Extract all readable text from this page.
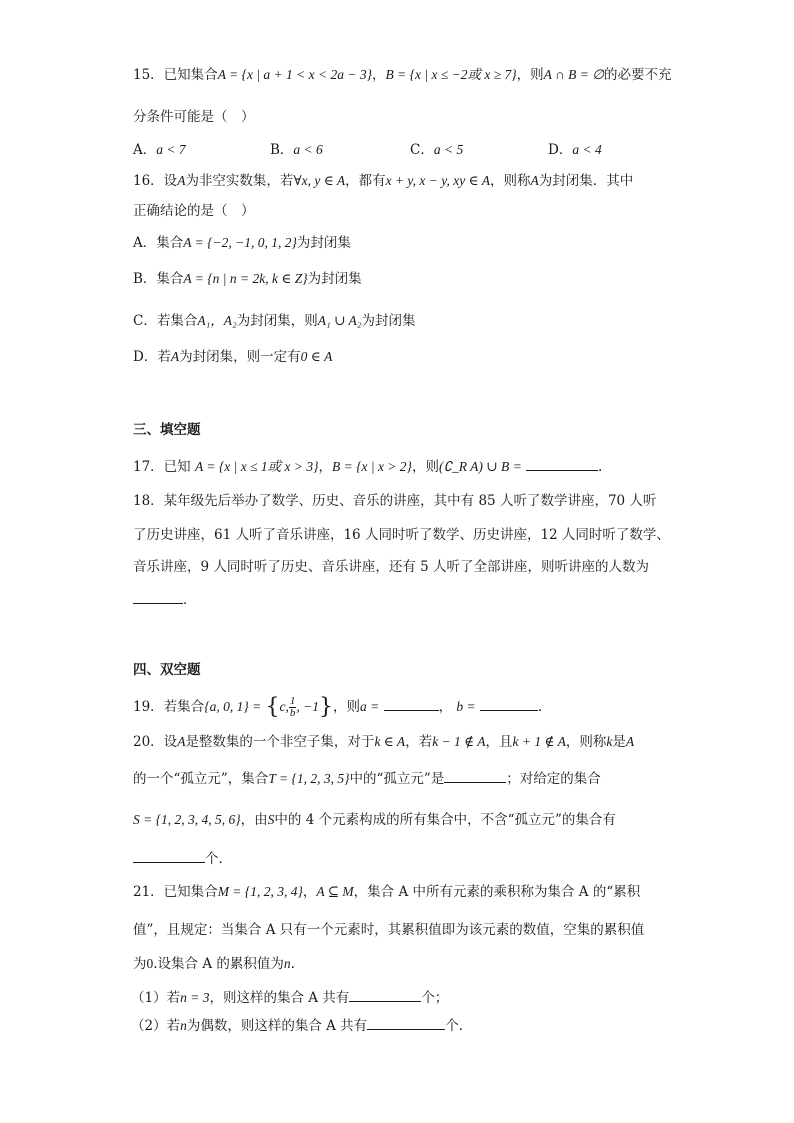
15．已知集合A = {x | a + 1 < x < 2a − 3}，B = {x | x ≤ −2或 x ≥ 7}，则A ∩ B = ∅的必要不充
分条件可能是（　）
A．a < 7	B．a < 6	C．a < 5	D．a < 4
16．设A为非空实数集，若∀x, y ∈ A，都有x + y, x − y, xy ∈ A，则称A为封闭集．其中
正确结论的是（　）
A．集合A = {−2, −1, 0, 1, 2}为封闭集
B．集合A = {n | n = 2k, k ∈ Z}为封闭集
C．若集合A₁，A₂为封闭集，则A₁ ∪ A₂为封闭集
D．若A为封闭集，则一定有0 ∈ A
三、填空题
17．已知 A = {x | x ≤ 1或 x > 3}，B = {x | x > 2}，则(∁_R A) ∪ B =	.
18．某年级先后举办了数学、历史、音乐的讲座，其中有 85 人听了数学讲座，70 人听
了历史讲座，61 人听了音乐讲座，16 人同时听了数学、历史讲座，12 人同时听了数学、
音乐讲座，9 人同时听了历史、音乐讲座，还有 5 人听了全部讲座，则听讲座的人数为
．
四、双空题
19．若集合{a, 0, 1} = {c, $\frac{1}{b}$ , −1}，则a =	， b =	.
20．设A是整数集的一个非空子集，对于k ∈ A，若k − 1 ∉ A，且k + 1 ∉ A，则称k是A
的一个“孤立元”，集合T = {1, 2, 3, 5}中的“孤立元”是	；对给定的集合
S = {1, 2, 3, 4, 5, 6}，由S中的 4 个元素构成的所有集合中，不含“孤立元”的集合有
个．
21．已知集合M = {1, 2, 3, 4}，A ⊆ M，集合 A 中所有元素的乘积称为集合 A 的“累积
值”，且规定：当集合 A 只有一个元素时，其累积值即为该元素的数值，空集的累积值
为0.设集合 A 的累积值为n.
（1）若n = 3，则这样的集合 A 共有	个；
（2）若n为偶数，则这样的集合 A 共有	个.
